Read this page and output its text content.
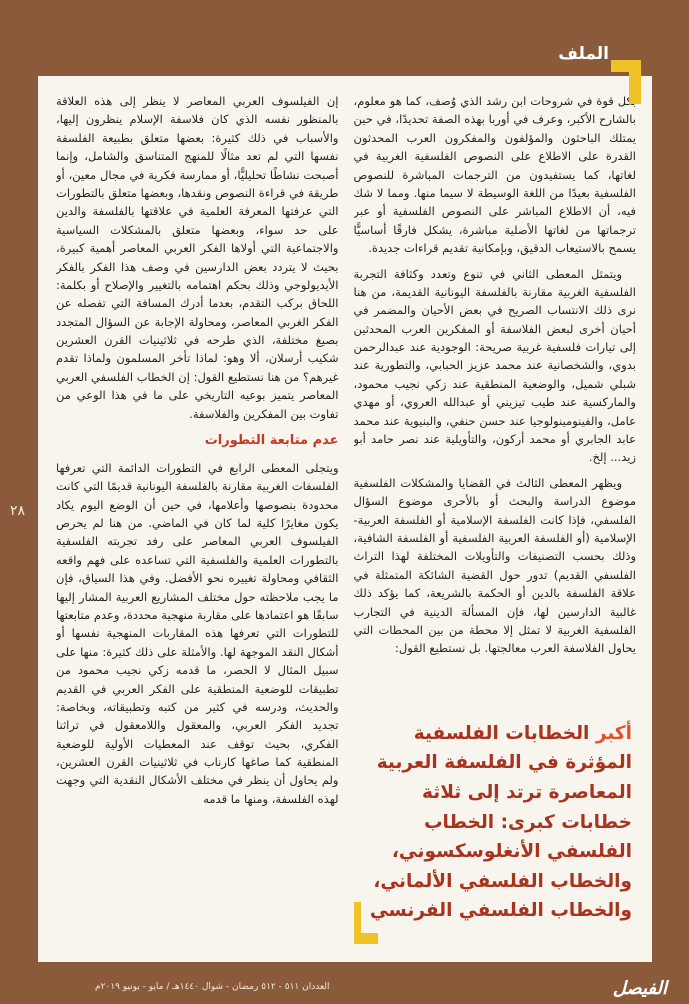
الملف

بكل قوة في شروحات ابن رشد الذي وُصف، كما هو معلوم، بالشارح الأكبر، وعرف في أوربا بهذه الصفة تحديدًا، في حين يمتلك الباحثون والمؤلفون والمفكرون العرب المحدثون القدرة على الاطلاع على النصوص الفلسفية الغربية في لغاتها، كما يستفيدون من الترجمات المباشرة للنصوص الفلسفية بعيدًا من اللغة الوسيطة لا سيما منها. ومما لا شك فيه، أن الاطلاع المباشر على النصوص الفلسفية أو عبر ترجماتها من لغاتها الأصلية مباشرة، يشكل فارقًا أساسيًّا يسمح بالاستيعاب الدقيق، وبإمكانية تقديم قراءات جديدة.

ويتمثل المعطى الثاني في تنوع وتعدد وكثافة التجربة الفلسفية الغربية مقارنة بالفلسفة اليونانية القديمة، من هنا نرى ذلك الانتساب الصريح في بعض الأحيان والمضمر في أحيان أخرى لبعض الفلاسفة أو المفكرين العرب المحدثين إلى تيارات فلسفية غربية صريحة: الوجودية عند عبدالرحمن بدوي، والشخصانية عند محمد عزيز الحبابي، والتطورية عند شبلي شميل، والوضعية المنطقية عند زكي نجيب محمود، والماركسية عند طيب تيزيني أو عبدالله العروي، أو مهدي عامل، والفينومينولوجيا عند حسن حنفي، والبنيوية عند محمد عابد الجابري أو محمد أركون، والتأويلية عند نصر حامد أبو زيد... إلخ.

ويظهر المعطى الثالث في القضايا والمشكلات الفلسفية موضوع الدراسة والبحث أو بالأحرى موضوع السؤال الفلسفي، فإذا كانت الفلسفة الإسلامية أو الفلسفة العربية- الإسلامية (أو الفلسفة العربية الفلسفية أو الفلسفة الشافية، وذلك بحسب التصنيفات والتأويلات المختلفة لهذا التراث الفلسفي القديم) تدور حول القضية الشائكة المتمثلة في علاقة الفلسفة بالدين أو الحكمة بالشريعة، كما يؤكد ذلك غالبية الدارسين لها، فإن المسألة الدينية في التجارب الفلسفية الغربية لا تمثل إلا محطة من بين المحطات التي يحاول الفلاسفة العرب معالجتها. بل نستطيع القول:

أكبر الخطابات الفلسفية المؤثرة في الفلسفة العربية المعاصرة ترتد إلى ثلاثة خطابات كبرى: الخطاب الفلسفي الأنغلوسكسوني، والخطاب الفلسفي الألماني، والخطاب الفلسفي الفرنسي

إن الفيلسوف العربي المعاصر لا ينظر إلى هذه العلاقة بالمنظور نفسه الذي كان فلاسفة الإسلام ينظرون إليها، والأسباب في ذلك كثيرة: بعضها متعلق بطبيعة الفلسفة نفسها التي لم تعد مثالًا للمنهج المتناسق والشامل، وإنما أصبحت نشاطًا تحليليًّا، أو ممارسة فكرية في مجال معين، أو طريقة في قراءة النصوص ونقدها، وبعضها متعلق بالتطورات التي عرفتها المعرفة العلمية في علاقتها بالفلسفة والدين على حد سواء، وبعضها متعلق بالمشكلات السياسية والاجتماعية التي أولاها الفكر العربي المعاصر أهمية كبيرة، بحيث لا يتردد بعض الدارسين في وصف هذا الفكر بالفكر الأيديولوجي وذلك بحكم اهتمامه بالتغيير والإصلاح أو بكلمة: اللحاق بركب التقدم، بعدما أدرك المسافة التي تفصله عن الفكر الغربي المعاصر، ومحاولة الإجابة عن السؤال المتجدد بصيغ مختلفة، الذي طرحه في ثلاثينيات القرن العشرين شكيب أرسلان، ألا وهو: لماذا تأخر المسلمون ولماذا تقدم غيرهم؟ من هنا نستطيع القول: إن الخطاب الفلسفي العربي المعاصر يتميز بوعيه التاريخي على ما في هذا الوعي من تفاوت بين المفكرين والفلاسفة.

عدم متابعة التطورات

ويتجلى المعطى الرابع في التطورات الدائمة التي تعرفها الفلسفات الغربية مقارنة بالفلسفة اليونانية قديمًا التي كانت محدودة بنصوصها وأعلامها، في حين أن الوضع اليوم يكاد يكون مغايرًا كلية لما كان في الماضي. من هنا لم يحرص الفيلسوف العربي المعاصر على رفد تجربته الفلسفية بالتطورات العلمية والفلسفية التي تساعده على فهم واقعه الثقافي ومحاولة تغييره نحو الأفضل. وفي هذا السياق، فإن ما يجب ملاحظته حول مختلف المشاريع العربية المشار إليها سابقًا هو اعتمادها على مقاربة منهجية محددة، وعدم متابعتها للتطورات التي تعرفها هذه المقاربات المنهجية نفسها أو أشكال النقد الموجهة لها. والأمثلة على ذلك كثيرة: منها على سبيل المثال لا الحصر، ما قدمه زكي نجيب محمود من تطبيقات للوضعية المنطقية على الفكر العربي في القديم والحديث، ودرسه في كثير من كتبه وتطبيقاته، وبخاصة: تجديد الفكر العربي، والمعقول واللامعقول في تراثنا الفكري، بحيث توقف عند المعطيات الأولية للوضعية المنطقية كما صاغها كارناب في ثلاثينيات القرن العشرين، ولم يحاول أن ينظر في مختلف الأشكال النقدية التي وجهت لهذه الفلسفة، ومنها ما قدمه

٢٨
العددان ٥١١ - ٥١٢ رمضان - شوال ١٤٤٠هـ / مايو - يونيو ٢٠١٩م	الفيصل
